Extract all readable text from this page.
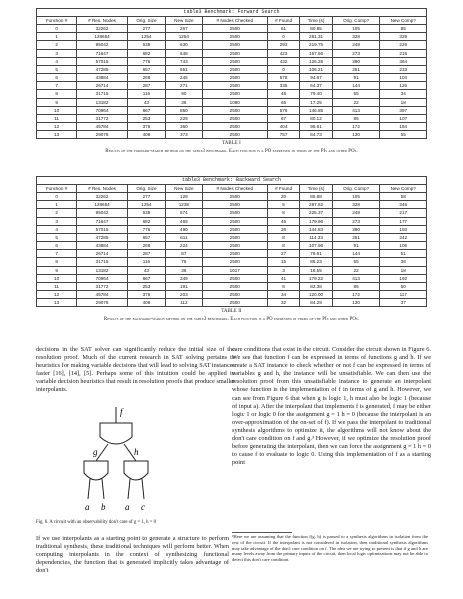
table3 Benchmark: Forward Search
Function #	# Res. Nodes	Orig. Size	New Size	# Nodes Checked	# Found	Time (s)	Orig. Comp?	New Comp?
0	32262	277	267	2500	61	80.85	105	85
1	128654	1254	1254	2500	0	281.31	328	329
2	95042	638	630	2500	293	219.75	248	226
3	71647	682	648	2500	423	157.66	273	215
4	57015	776	743	2500	432	126.26	380	364
5	47285	657	651	2500	0	106.21	251	233
6	43884	268	245	2500	578	94.67	91	104
7	26714	287	271	2500	335	64.37	144	126
8	31715	116	90	2500	48	79.40	55	34
9	13182	43	36	1090	65	17.25	22	18
10	70964	867	850	2500	576	146.85	413	397
11	31772	253	229	2500	67	80.12	86	107
12	45784	376	360	2500	404	98.61	172	184
13	29078	408	373	2500	757	64.73	130	55
TABLE I
Results of the forward-search method on the table3 benchmark. Each function is a PO expressed in terms of the PIs and other POs.
table3 Benchmark: Backward Search
Function #	# Res. Nodes	Orig. Size	New Size	# Nodes Checked	# Found	Time (s)	Orig. Comp?	New Comp?
0	32262	277	129	2500	20	85.88	105	58
1	128654	1254	1238	2500	5	287.62	328	346
2	95042	638	574	2500	8	225.37	248	217
3	71647	682	469	2500	45	179.96	273	177
4	57015	776	490	2500	26	144.83	380	193
5	47285	657	611	2500	8	114.33	251	242
6	43884	268	224	2500	8	107.96	91	106
7	26714	287	87	2500	27	76.61	144	51
8	31715	116	76	2500	15	85.23	55	36
9	13182	43	36	1017	3	16.55	22	18
10	70964	867	349	2500	41	179.22	413	192
11	31772	253	191	2500	8	82.38	86	50
12	45784	376	203	2500	34	120.00	172	117
13	29078	408	112	2500	32	84.29	130	37
TABLE II
Results of the backward-search method on the table3 benchmark. Each function is a PO expressed in terms of the PIs and other POs.

decisions in the SAT solver can significantly reduce the initial size of the resolution proof. Much of the current research in SAT solving pertains to heuristics for making variable decisions that will lead to solving SAT instances faster [16], [14], [5]. Perhaps some of this intuition could be applied to variable decision heuristics that result in resolution proofs that produce smaller interpolants.

f
g	h
a b a c
Fig. 6. A circuit with an observability don't care of g = 1, h = 0
If we use interpolants as a starting point to generate a structure to perform traditional synthesis, these traditional techniques will perform better. When computing interpolants in the context of synthesizing functional dependencies, the function that is generated implicitly takes advantage of don't

care conditions that exist in the circuit. Consider the circuit shown in Figure 6. We see that function f can be expressed in terms of functions g and h. If we create a SAT instance to check whether or not f can be expressed in terms of variables g and h, the instance will be unsatisfiable. We can then use the resolution proof from this unsatisfiable instance to generate an interpolant whose function is the implementation of f in terms of g and h. However, we can see from Figure 6 that when g is logic 1, h must also be logic 1 (because of input a). After the interpolant that implements f is generated, f may be either logic 1 or logic 0 for the assignment g = 1 h = 0 (because the interpolant is an over-approximation of the on-set of f). If we pass the interpolant to traditional synthesis algorithms to optimize it, the algorithms will not know about the don't care condition on f and g.³ However, if we optimize the resolution proof before generating the interpolant, then we can force the assignment g = 1 h = 0 to cause f to evaluate to logic 0. Using this implementation of f as a starting point

³Here we are assuming that the function f(g, h) is passed to a synthesis algorithms in isolation from the rest of the circuit. If the interpolant is not considered in isolation, then traditional synthesis algorithms may take advantage of the don't care condition on f. The idea we are trying to present is that if g and h are many levels away from the primary inputs of the circuit, then local logic optimizations may not be able to detect this don't care condition.
